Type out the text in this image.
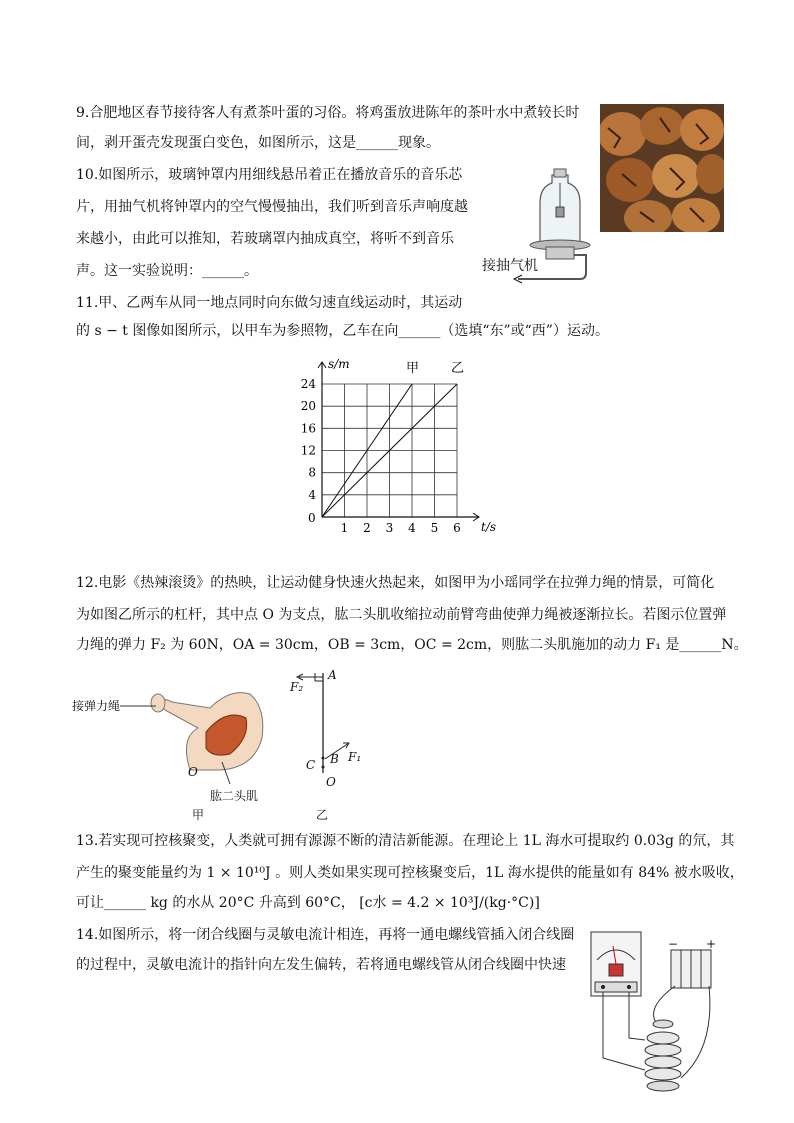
9.合肥地区春节接待客人有煮茶叶蛋的习俗。将鸡蛋放进陈年的茶叶水中煮较长时
间，剥开蛋壳发现蛋白变色，如图所示，这是______现象。
10.如图所示，玻璃钟罩内用细线悬吊着正在播放音乐的音乐芯
片，用抽气机将钟罩内的空气慢慢抽出，我们听到音乐声响度越
来越小，由此可以推知，若玻璃罩内抽成真空，将听不到音乐
声。这一实验说明：______。	接抽气机
11.甲、乙两车从同一地点同时向东做匀速直线运动时，其运动
的 s − t 图像如图所示，以甲车为参照物，乙车在向______（选填“东”或“西”）运动。
1 2 3 4 5 6
4
8
12
16
20
24
0
t/s
s/m	甲 乙
12.电影《热辣滚烫》的热映，让运动健身快速火热起来，如图甲为小瑶同学在拉弹力绳的情景，可简化
为如图乙所示的杠杆，其中点 O 为支点，肱二头肌收缩拉动前臂弯曲使弹力绳被逐渐拉长。若图示位置弹
力绳的弹力 F₂ 为 60N，OA = 30cm，OB = 3cm，OC = 2cm，则肱二头肌施加的动力 F₁ 是______N。
接弹力绳
O
肱二头肌
甲
A
F₂
B
C
O
F₁
乙
13.若实现可控核聚变，人类就可拥有源源不断的清洁新能源。在理论上 1L 海水可提取约 0.03g 的氘，其
产生的聚变能量约为 1 × 10¹⁰J 。则人类如果实现可控核聚变后，1L 海水提供的能量如有 84% 被水吸收，
可让______ kg 的水从 20°C 升高到 60°C， [c水 = 4.2 × 10³J/(kg·°C)]
14.如图所示，将一闭合线圈与灵敏电流计相连，再将一通电螺线管插入闭合线圈
的过程中，灵敏电流计的指针向左发生偏转，若将通电螺线管从闭合线圈中快速
− +
